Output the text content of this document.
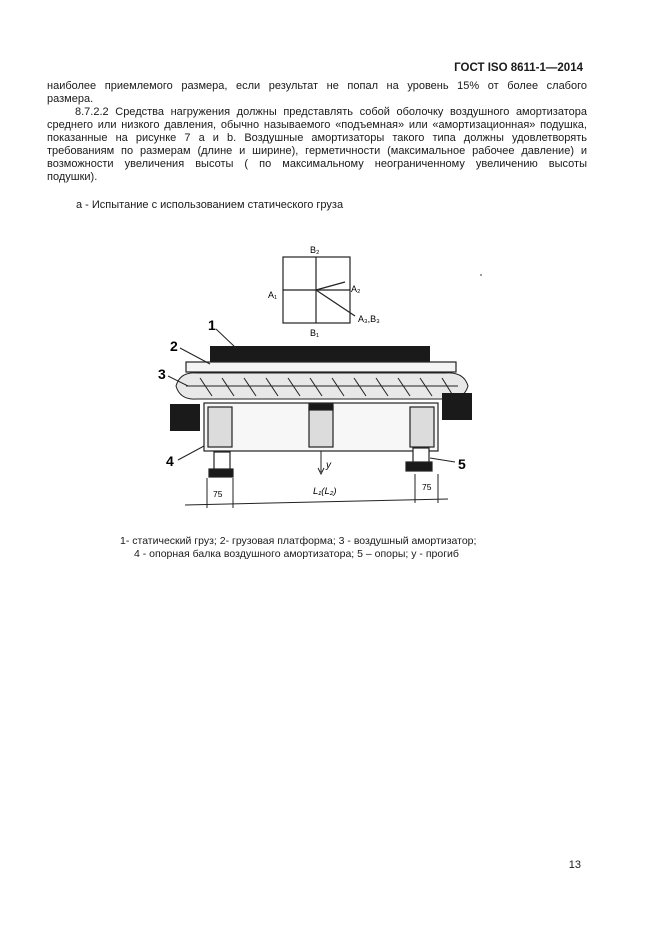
ГОСТ ISO 8611-1—2014
наиболее приемлемого размера, если результат не попал на уровень 15% от более слабого
размера.
8.7.2.2 Средства нагружения должны представлять собой оболочку воздушного амортизатора
среднего или низкого давления, обычно называемого «подъемная» или «амортизационная» подушка,
показанные на рисунке 7 a и b. Воздушные амортизаторы такого типа должны удовлетворять
требованиям по размерам (длине и ширине), герметичности (максимальное рабочее давление) и
возможности увеличения высоты ( по максимальному неограниченному увеличению высоты
подушки).
а - Испытание с использованием статического груза
B₂
B₁
A₁
A₂
A₃,B₃
y
75
75
L₁(L₂)
1
2
3
4	5
1- статический груз; 2- грузовая платформа; 3 - воздушный амортизатор;
4 - опорная балка воздушного амортизатора; 5 – опоры; у - прогиб
13
